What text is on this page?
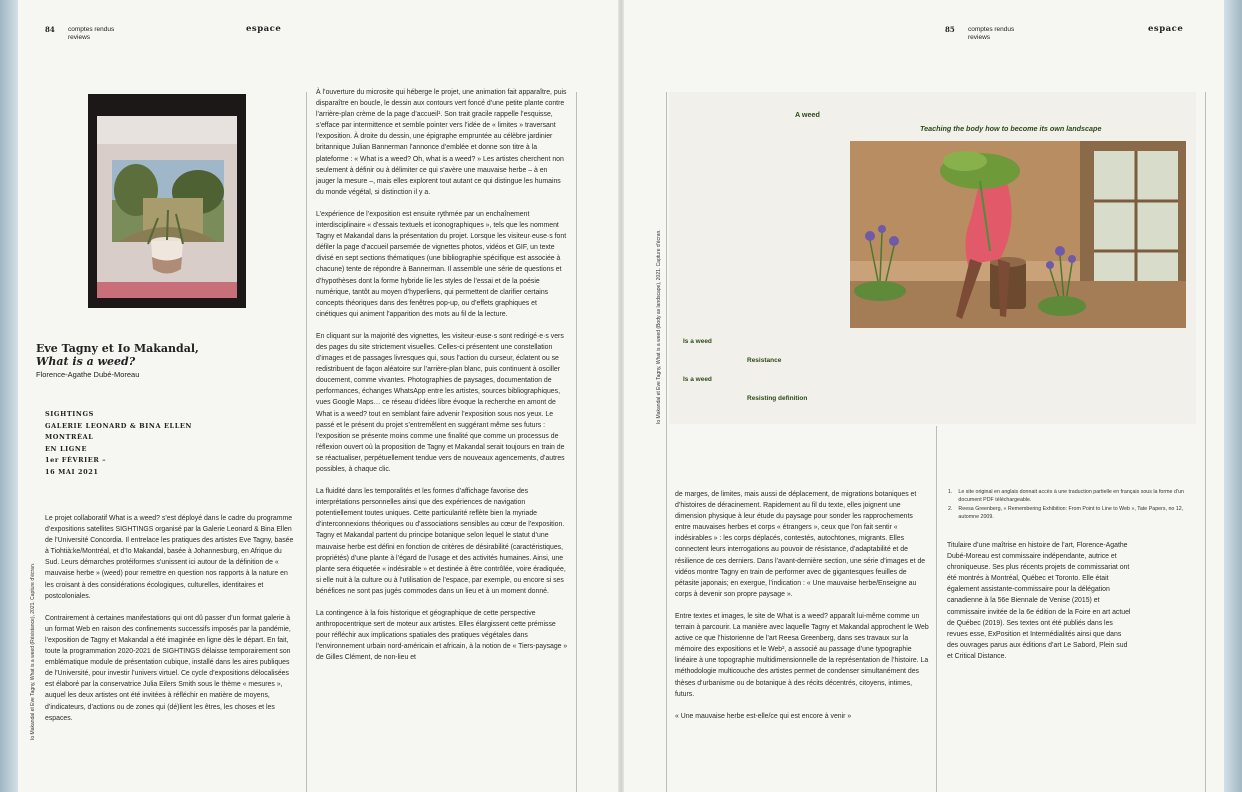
84 comptes rendus
reviews
espace	85 comptes rendus
reviews
espace
Io Makandal et Eve Tagny, What is a weed (Résistance), 2021. Capture d’écran.
Eve Tagny et Io Makandal,
What is a weed?
Florence-Agathe Dubé-Moreau
SIGHTINGS
GALERIE LEONARD & BINA ELLEN
MONTRÉAL
EN LIGNE
1er FÉVRIER –
16 MAI 2021

Le projet collaboratif What is a weed? s’est déployé dans le cadre du programme d’expositions satellites SIGHTINGS organisé par la Galerie Leonard & Bina Ellen de l’Université Concordia. Il entrelace les pratiques des artistes Eve Tagny, basée à Tiohtià:ke/Montréal, et d’Io Makandal, basée à Johannesburg, en Afrique du Sud. Leurs démarches protéiformes s’unissent ici autour de la définition de « mauvaise herbe » (weed) pour remettre en question nos rapports à la nature en les croisant à des considérations écologiques, culturelles, identitaires et postcoloniales.

Contrairement à certaines manifestations qui ont dû passer d’un format galerie à un format Web en raison des confinements successifs imposés par la pandémie, l’exposition de Tagny et Makandal a été imaginée en ligne dès le départ. En fait, toute la programmation 2020-2021 de SIGHTINGS délaisse temporairement son emblématique module de présentation cubique, installé dans les aires publiques de l’Université, pour investir l’univers virtuel. Ce cycle d’expositions délocalisées est élaboré par la conservatrice Julia Eilers Smith sous le thème « mesures », auquel les deux artistes ont été invitées à réfléchir en matière de moyens, d’indicateurs, d’actions ou de zones qui (dé)lient les êtres, les choses et les espaces.

À l’ouverture du microsite qui héberge le projet, une animation fait apparaître, puis disparaître en boucle, le dessin aux contours vert foncé d’une petite plante contre l’arrière-plan crème de la page d’accueil¹. Son trait gracile rappelle l’esquisse, s’efface par intermittence et semble pointer vers l’idée de « limites » traversant l’exposition. À droite du dessin, une épigraphe empruntée au célèbre jardinier britannique Julian Bannerman l’annonce d’emblée et donne son titre à la plateforme : « What is a weed? Oh, what is a weed? » Les artistes cherchent non seulement à définir ou à délimiter ce qui s’avère une mauvaise herbe – à en jauger la mesure –, mais elles explorent tout autant ce qui distingue les humains du monde végétal, si distinction il y a.

L’expérience de l’exposition est ensuite rythmée par un enchaînement interdisciplinaire « d’essais textuels et iconographiques », tels que les nomment Tagny et Makandal dans la présentation du projet. Lorsque les visiteur·euse·s font défiler la page d’accueil parsemée de vignettes photos, vidéos et GIF, un texte divisé en sept sections thématiques (une bibliographie spécifique est associée à chacune) tente de répondre à Bannerman. Il assemble une série de questions et d’hypothèses dont la forme hybride lie les styles de l’essai et de la poésie numérique, tantôt au moyen d’hyperliens, qui permettent de clarifier certains concepts théoriques dans des fenêtres pop-up, ou d’effets graphiques et cinétiques qui animent l’apparition des mots au fil de la lecture.

En cliquant sur la majorité des vignettes, les visiteur·euse·s sont redirigé·e·s vers des pages du site strictement visuelles. Celles-ci présentent une constellation d’images et de passages livresques qui, sous l’action du curseur, éclatent ou se redistribuent de façon aléatoire sur l’arrière-plan blanc, puis continuent à osciller doucement, comme vivantes. Photographies de paysages, documentation de performances, échanges WhatsApp entre les artistes, sources bibliographiques, vues Google Maps… ce réseau d’idées libre évoque la recherche en amont de What is a weed? tout en semblant faire advenir l’exposition sous nos yeux. Le passé et le présent du projet s’entremêlent en suggérant même ses futurs : l’exposition se présente moins comme une finalité que comme un processus de réflexion ouvert où la proposition de Tagny et Makandal serait toujours en train de se réactualiser, perpétuellement tendue vers de nouveaux agencements, d’autres possibles, à chaque clic.

La fluidité dans les temporalités et les formes d’affichage favorise des interprétations personnelles ainsi que des expériences de navigation potentiellement toutes uniques. Cette particularité reflète bien la myriade d’interconnexions théoriques ou d’associations sensibles au cœur de l’exposition. Tagny et Makandal partent du principe botanique selon lequel le statut d’une mauvaise herbe est défini en fonction de critères de désirabilité (caractéristiques, propriétés) d’une plante à l’égard de l’usage et des activités humaines. Ainsi, une plante sera étiquetée « indésirable » et destinée à être contrôlée, voire éradiquée, si elle nuit à la culture ou à l’utilisation de l’espace, par exemple, ou encore si ses bénéfices ne sont pas jugés commodes dans un lieu et à un moment donné.

La contingence à la fois historique et géographique de cette perspective anthropocentrique sert de moteur aux artistes. Elles élargissent cette prémisse pour réfléchir aux implications spatiales des pratiques végétales dans l’environnement urbain nord-américain et africain, à la notion de « Tiers-paysage » de Gilles Clément, de non-lieu et

A weed
Teaching the body how to become its own landscape
Is a weed
Resistance
Is a weed
Resisting definition
Io Makandal et Eve Tagny, What is a weed (Body as landscape), 2021. Capture d’écran.

de marges, de limites, mais aussi de déplacement, de migrations botaniques et d’histoires de déracinement. Rapidement au fil du texte, elles joignent une dimension physique à leur étude du paysage pour sonder les rapprochements entre mauvaises herbes et corps « étrangers », ceux que l’on fait sentir « indésirables » : les corps déplacés, contestés, autochtones, migrants. Elles connectent leurs interrogations au pouvoir de résistance, d’adaptabilité et de résilience de ces derniers. Dans l’avant-dernière section, une série d’images et de vidéos montre Tagny en train de performer avec de gigantesques feuilles de pétasite japonais; en exergue, l’indication : « Une mauvaise herbe/Enseigne au corps à devenir son propre paysage ».

Entre textes et images, le site de What is a weed? apparaît lui-même comme un terrain à parcourir. La manière avec laquelle Tagny et Makandal approchent le Web active ce que l’historienne de l’art Reesa Greenberg, dans ses travaux sur la mémoire des expositions et le Web², a associé au passage d’une typographie linéaire à une topographie multidimensionnelle de la représentation de l’histoire. La méthodologie multicouche des artistes permet de condenser simultanément des thèses d’urbanisme ou de botanique à des récits décentrés, citoyens, intimes, futurs.

« Une mauvaise herbe est-elle/ce qui est encore à venir »

1. Le site original en anglais donnait accès à une traduction partielle en français sous la forme d’un document PDF téléchargeable.
2. Reesa Greenberg, « Remembering Exhibition: From Point to Line to Web », Tate Papers, no 12, automne 2009.

Titulaire d’une maîtrise en histoire de l’art, Florence-Agathe Dubé-Moreau est commissaire indépendante, autrice et chroniqueuse. Ses plus récents projets de commissariat ont été montrés à Montréal, Québec et Toronto. Elle était également assistante-commissaire pour la délégation canadienne à la 56e Biennale de Venise (2015) et commissaire invitée de la 6e édition de la Foire en art actuel de Québec (2019). Ses textes ont été publiés dans les revues esse, ExPosition et Intermédialités ainsi que dans des ouvrages parus aux éditions d’art Le Sabord, Plein sud et Critical Distance.
